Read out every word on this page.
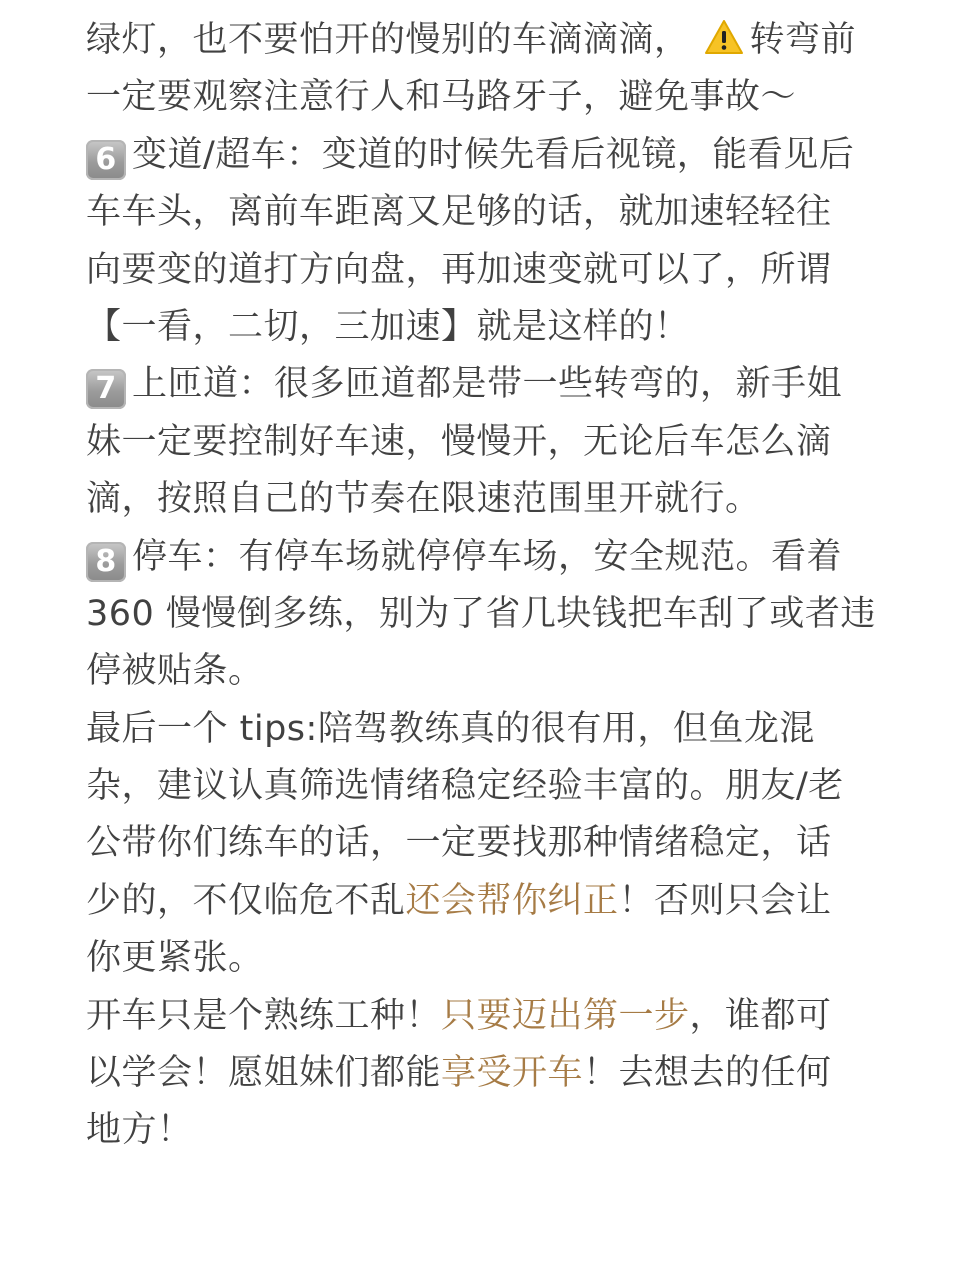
绿灯，也不要怕开的慢别的车滴滴滴， 转弯前
一定要观察注意行人和马路牙子，避免事故～
6 变道/超车：变道的时候先看后视镜，能看见后
车车头，离前车距离又足够的话，就加速轻轻往
向要变的道打方向盘，再加速变就可以了，所谓
【一看，二切，三加速】就是这样的！
7 上匝道：很多匝道都是带一些转弯的，新手姐
妹一定要控制好车速，慢慢开，无论后车怎么滴
滴，按照自己的节奏在限速范围里开就行。
8 停车：有停车场就停停车场，安全规范。看着
360 慢慢倒多练，别为了省几块钱把车刮了或者违
停被贴条。
最后一个 tips:陪驾教练真的很有用，但鱼龙混
杂，建议认真筛选情绪稳定经验丰富的。朋友/老
公带你们练车的话，一定要找那种情绪稳定，话
少的，不仅临危不乱还会帮你纠正！否则只会让
你更紧张。
开车只是个熟练工种！只要迈出第一步，谁都可
以学会！愿姐妹们都能享受开车！去想去的任何
地方！
